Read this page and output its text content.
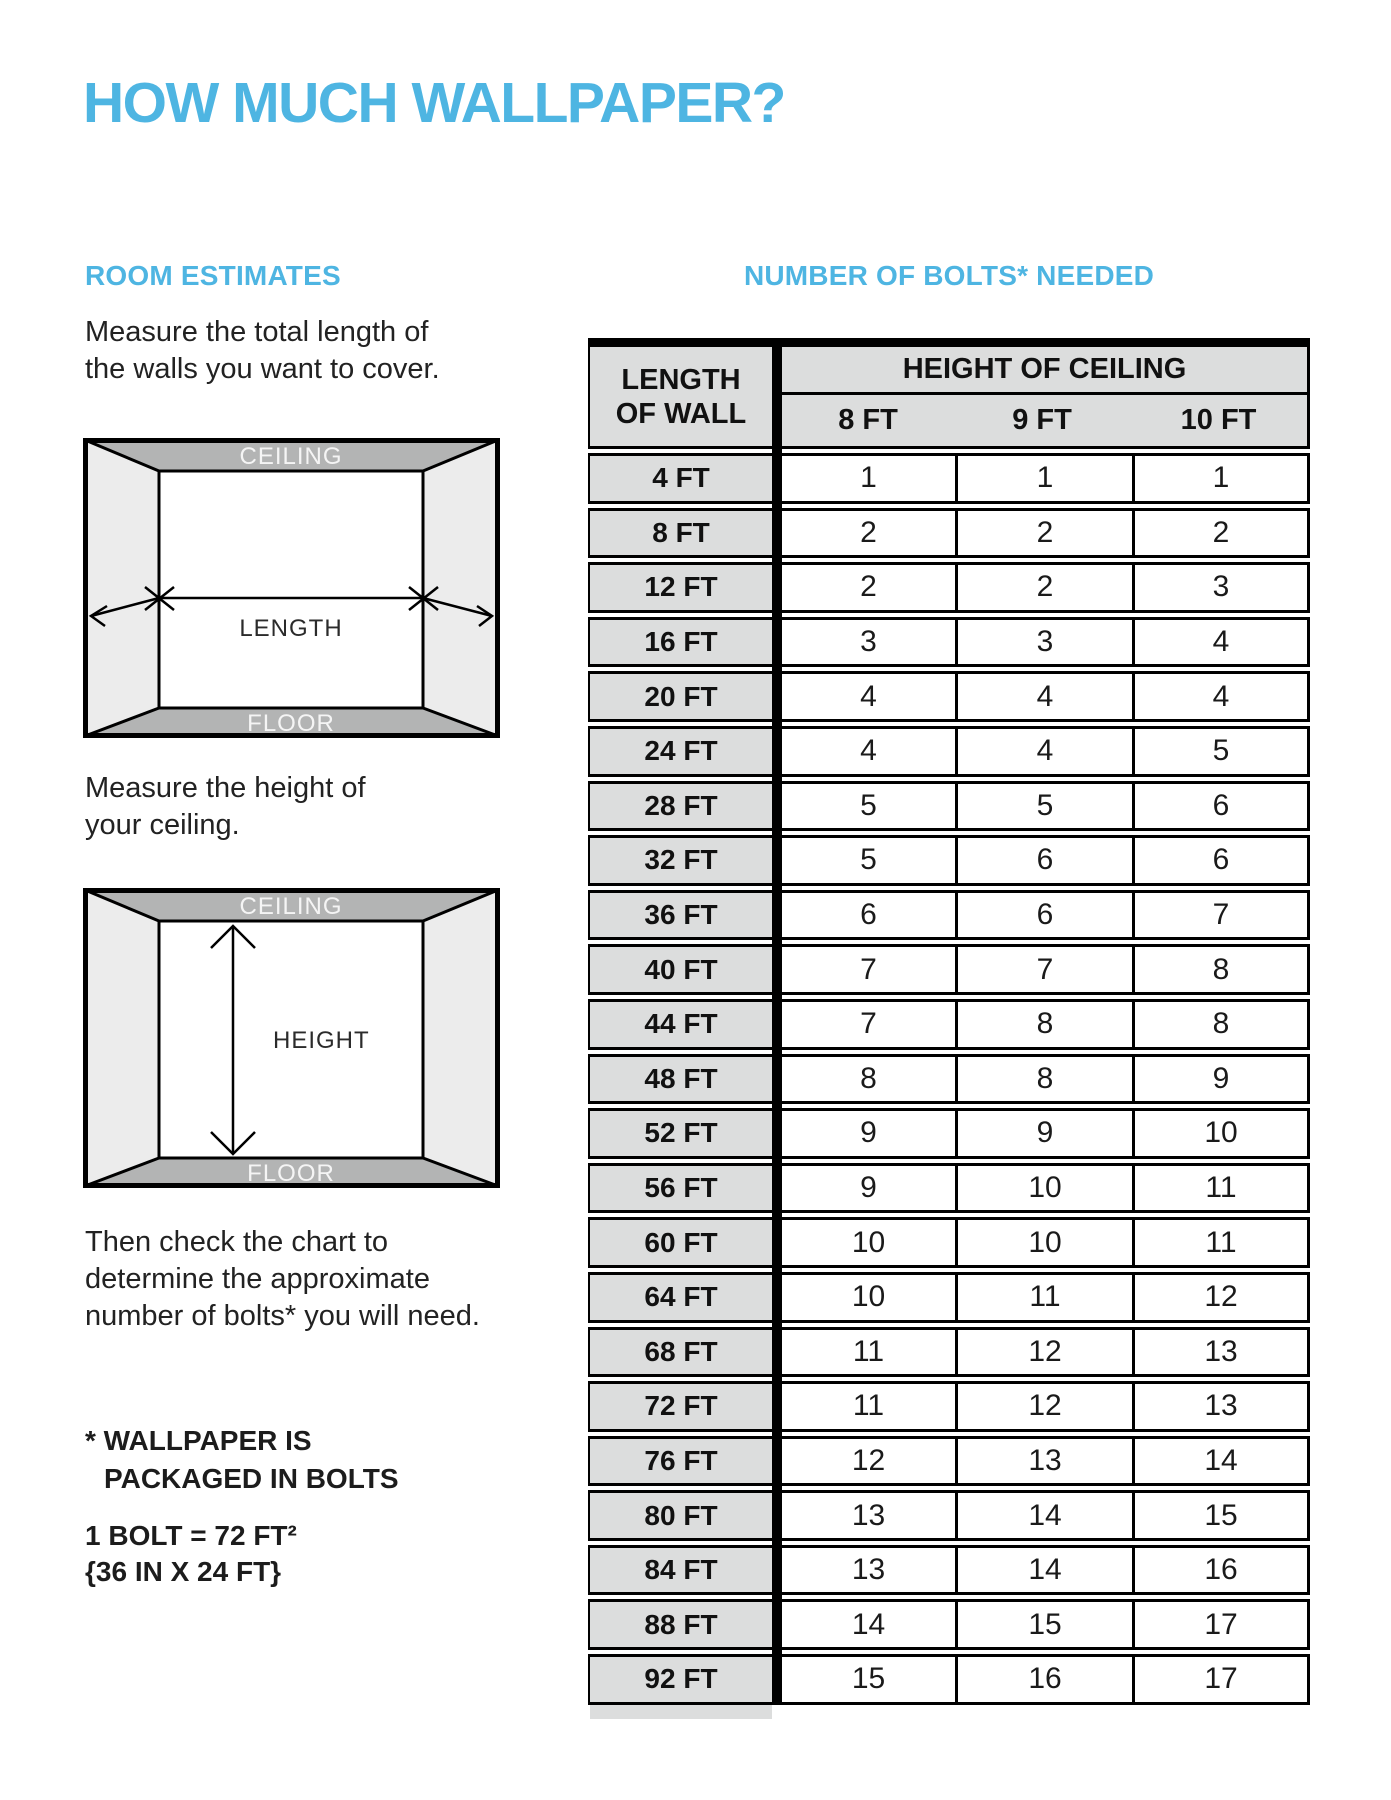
HOW MUCH WALLPAPER?
ROOM ESTIMATES	NUMBER OF BOLTS* NEEDED

Measure the total length of
the walls you want to cover.

CEILING
FLOOR
LENGTH

Measure the height of
your ceiling.

CEILING
FLOOR
HEIGHT

Then check the chart to
determine the approximate
number of bolts* you will need.

* WALLPAPER IS
PACKAGED IN BOLTS
1 BOLT = 72 FT²
{36 IN X 24 FT}
LENGTH
OF WALL
HEIGHT OF CEILING
8 FT	9 FT	10 FT
4 FT	1	1	1
8 FT	2	2	2
12 FT	2	2	3
16 FT	3	3	4
20 FT	4	4	4
24 FT	4	4	5
28 FT	5	5	6
32 FT	5	6	6
36 FT	6	6	7
40 FT	7	7	8
44 FT	7	8	8
48 FT	8	8	9
52 FT	9	9	10
56 FT	9	10	11
60 FT	10	10	11
64 FT	10	11	12
68 FT	11	12	13
72 FT	11	12	13
76 FT	12	13	14
80 FT	13	14	15
84 FT	13	14	16
88 FT	14	15	17
92 FT	15	16	17
